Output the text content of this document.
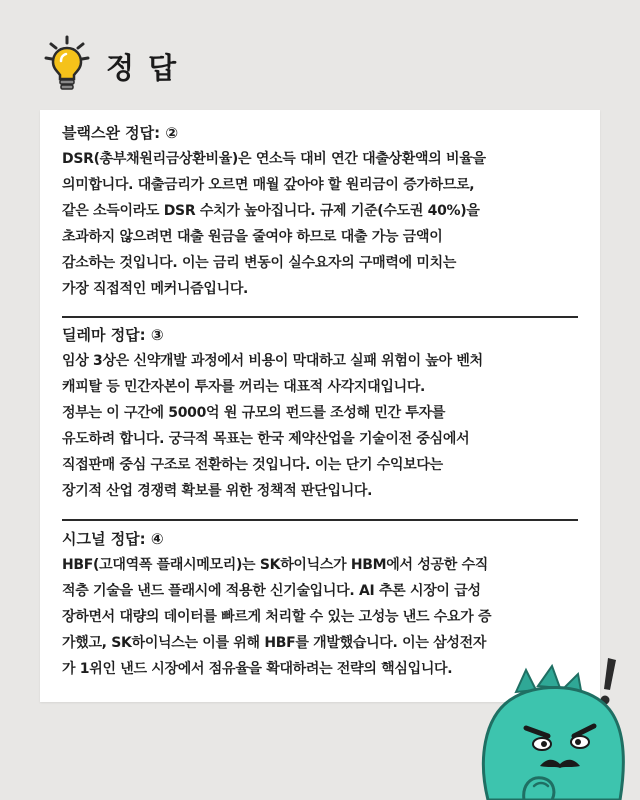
정 답

블랙스완 정답: ②

DSR(총부채원리금상환비율)은 연소득 대비 연간 대출상환액의 비율을
의미합니다. 대출금리가 오르면 매월 갚아야 할 원리금이 증가하므로,
같은 소득이라도 DSR 수치가 높아집니다. 규제 기준(수도권 40%)을
초과하지 않으려면 대출 원금을 줄여야 하므로 대출 가능 금액이
감소하는 것입니다. 이는 금리 변동이 실수요자의 구매력에 미치는
가장 직접적인 메커니즘입니다.

딜레마 정답: ③

임상 3상은 신약개발 과정에서 비용이 막대하고 실패 위험이 높아 벤처
캐피탈 등 민간자본이 투자를 꺼리는 대표적 사각지대입니다.
정부는 이 구간에 5000억 원 규모의 펀드를 조성해 민간 투자를
유도하려 합니다. 궁극적 목표는 한국 제약산업을 기술이전 중심에서
직접판매 중심 구조로 전환하는 것입니다. 이는 단기 수익보다는
장기적 산업 경쟁력 확보를 위한 정책적 판단입니다.

시그널 정답: ④

HBF(고대역폭 플래시메모리)는 SK하이닉스가 HBM에서 성공한 수직
적층 기술을 낸드 플래시에 적용한 신기술입니다. AI 추론 시장이 급성
장하면서 대량의 데이터를 빠르게 처리할 수 있는 고성능 낸드 수요가 증
가했고, SK하이닉스는 이를 위해 HBF를 개발했습니다. 이는 삼성전자
가 1위인 낸드 시장에서 점유율을 확대하려는 전략의 핵심입니다.
